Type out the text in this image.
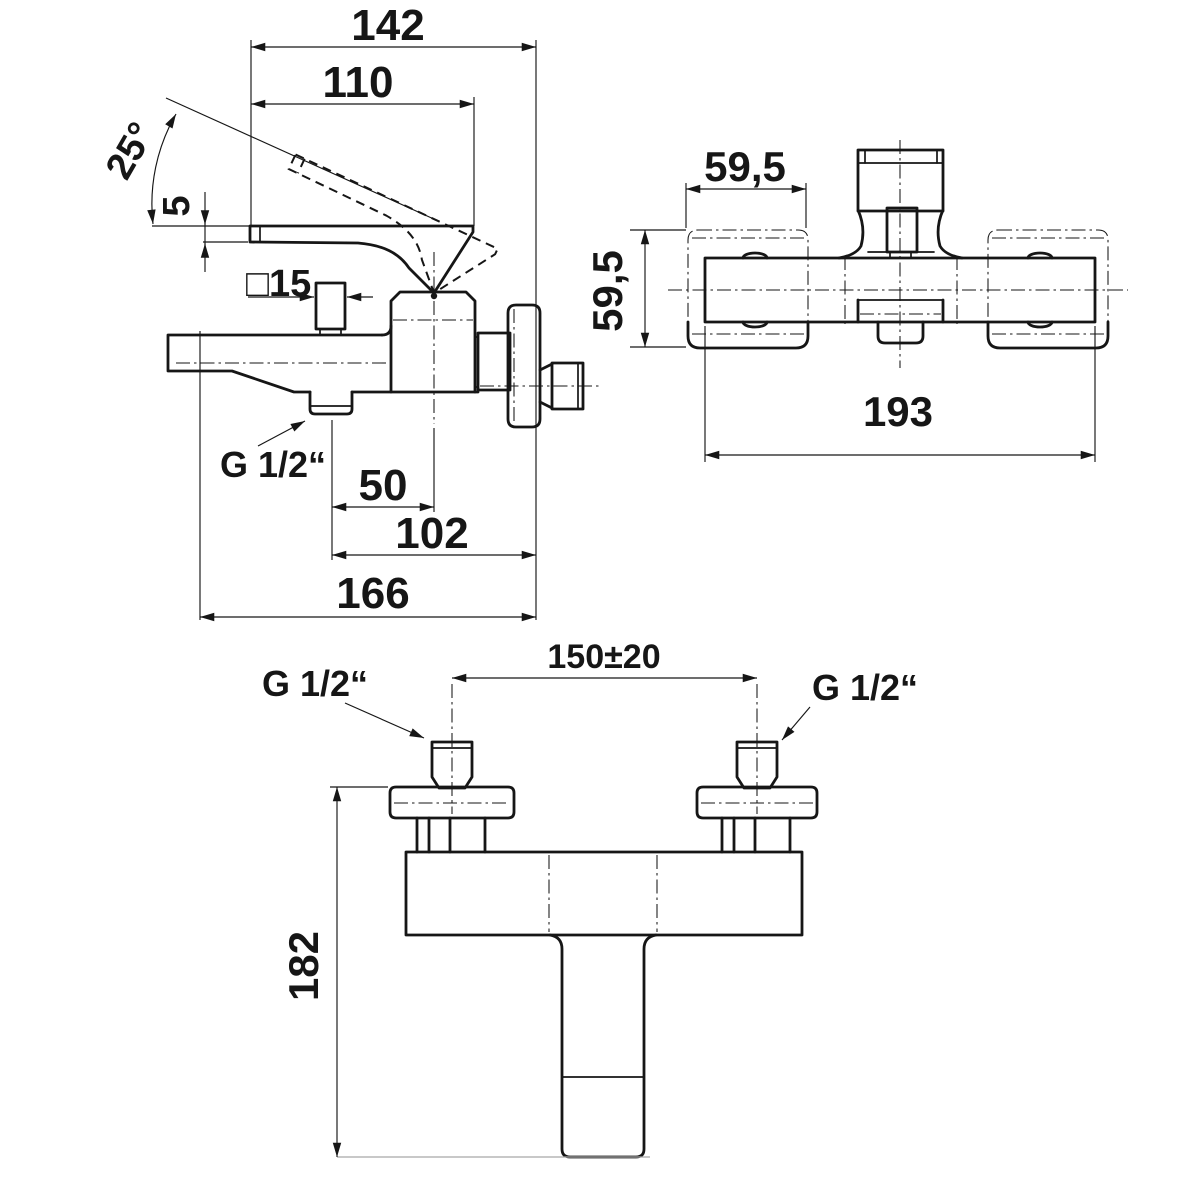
25°
5
□15
142
110
50
102
166
G 1/2“
59,5
59,5
193
150±20
182
G 1/2“	G 1/2“
